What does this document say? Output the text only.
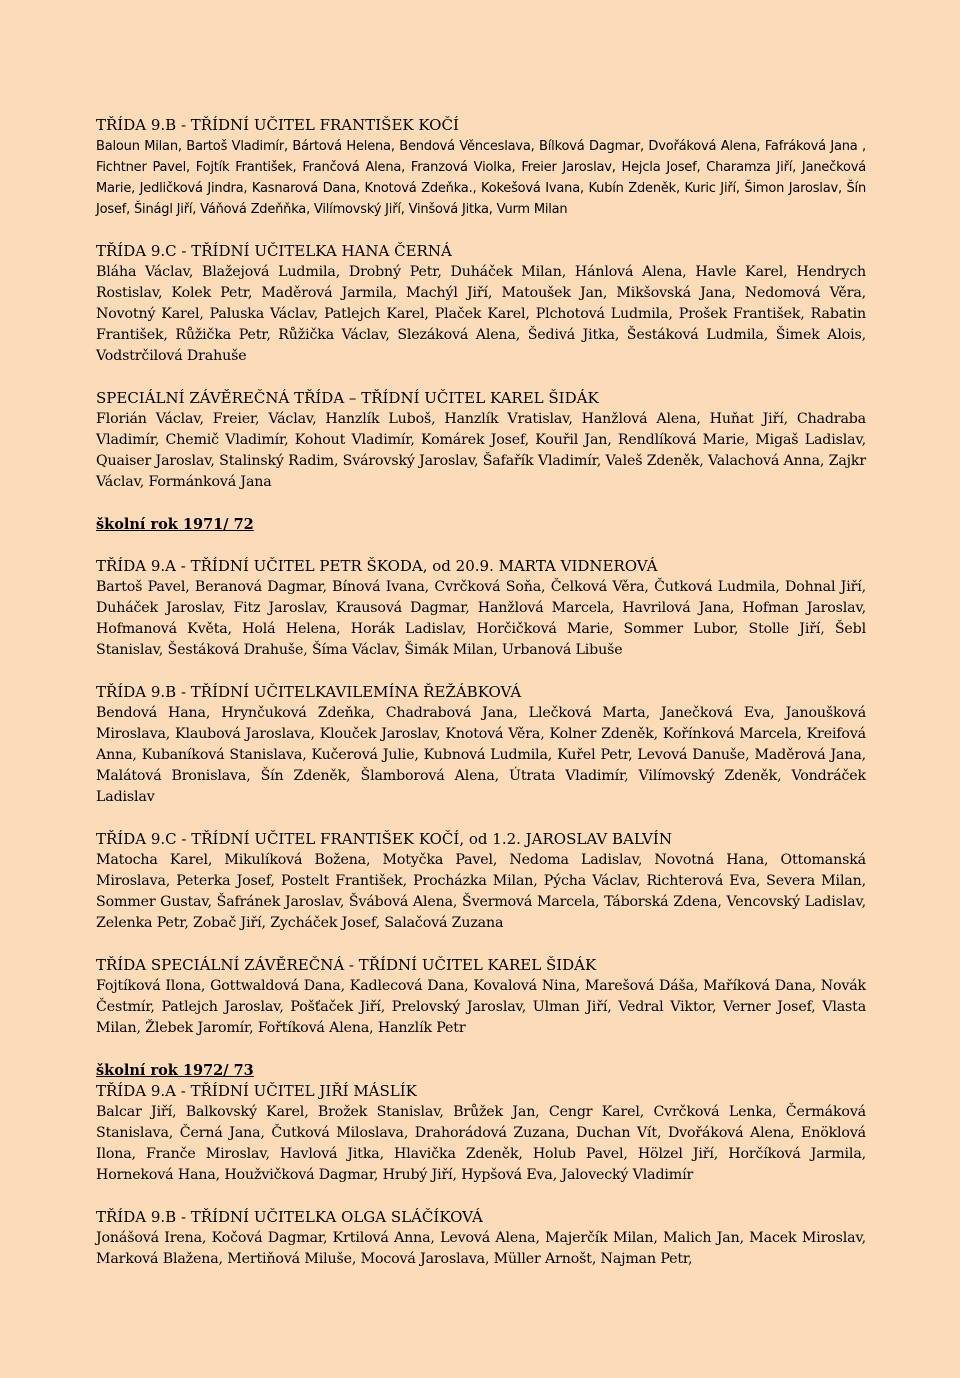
TŘÍDA 9.B - TŘÍDNÍ UČITEL FRANTIŠEK KOČÍ

Baloun Milan, Bartoš Vladimír, Bártová Helena, Bendová Věnceslava, Bílková Dagmar, Dvořáková Alena, Fafráková Jana , Fichtner Pavel, Fojtík František, Frančová Alena, Franzová Violka, Freier Jaroslav, Hejcla Josef, Charamza Jiří, Janečková Marie, Jedličková Jindra, Kasnarová Dana, Knotová Zdeňka., Kokešová Ivana, Kubín Zdeněk, Kuric Jiří, Šimon Jaroslav, Šín Josef, Šinágl Jiří, Váňová Zdeňňka, Vilímovský Jiří, Vinšová Jitka, Vurm Milan

TŘÍDA 9.C - TŘÍDNÍ UČITELKA HANA ČERNÁ

Bláha Václav, Blažejová Ludmila, Drobný Petr, Duháček Milan, Hánlová Alena, Havle Karel, Hendrych Rostislav, Kolek Petr, Maděrová Jarmila, Machýl Jiří, Matoušek Jan, Mikšovská Jana, Nedomová Věra, Novotný Karel, Paluska Václav, Patlejch Karel, Plaček Karel, Plchotová Ludmila, Prošek František, Rabatin František, Růžička Petr, Růžička Václav, Slezáková Alena, Šedivá Jitka, Šestáková Ludmila, Šimek Alois, Vodstrčilová Drahuše

SPECIÁLNÍ ZÁVĚREČNÁ TŘÍDA – TŘÍDNÍ UČITEL KAREL ŠIDÁK

Florián Václav, Freier, Václav, Hanzlík Luboš, Hanzlík Vratislav, Hanžlová Alena, Huňat Jiří, Chadraba Vladimír, Chemič Vladimír, Kohout Vladimír, Komárek Josef, Kouřil Jan, Rendlíková Marie, Migaš Ladislav, Quaiser Jaroslav, Stalinský Radim, Svárovský Jaroslav, Šafařík Vladimír, Valeš Zdeněk, Valachová Anna, Zajkr Václav, Formánková Jana

školní rok 1971/ 72

TŘÍDA 9.A - TŘÍDNÍ UČITEL PETR ŠKODA, od 20.9. MARTA VIDNEROVÁ

Bartoš Pavel, Beranová Dagmar, Bínová Ivana, Cvrčková Soňa, Čelková Věra, Čutková Ludmila, Dohnal Jiří, Duháček Jaroslav, Fitz Jaroslav, Krausová Dagmar, Hanžlová Marcela, Havrilová Jana, Hofman Jaroslav, Hofmanová Květa, Holá Helena, Horák Ladislav, Horčičková Marie, Sommer Lubor, Stolle Jiří, Šebl Stanislav, Šestáková Drahuše, Šíma Václav, Šimák Milan, Urbanová Libuše

TŘÍDA 9.B - TŘÍDNÍ UČITELKAVILEMÍNA ŘEŽÁBKOVÁ

Bendová Hana, Hrynčuková Zdeňka, Chadrabová Jana, Llečková Marta, Janečková Eva, Janoušková Miroslava, Klaubová Jaroslava, Klouček Jaroslav, Knotová Věra, Kolner Zdeněk, Kořínková Marcela, Kreifová Anna, Kubaníková Stanislava, Kučerová Julie, Kubnová Ludmila, Kuřel Petr, Levová Danuše, Maděrová Jana, Malátová Bronislava, Šín Zdeněk, Šlamborová Alena, Útrata Vladimír, Vilímovský Zdeněk, Vondráček Ladislav

TŘÍDA 9.C - TŘÍDNÍ UČITEL FRANTIŠEK KOČÍ, od 1.2. JAROSLAV BALVÍN

Matocha Karel, Mikulíková Božena, Motyčka Pavel, Nedoma Ladislav, Novotná Hana, Ottomanská Miroslava, Peterka Josef, Postelt František, Procházka Milan, Pýcha Václav, Richterová Eva, Severa Milan, Sommer Gustav, Šafránek Jaroslav, Švábová Alena, Švermová Marcela, Táborská Zdena, Vencovský Ladislav, Zelenka Petr, Zobač Jiří, Zycháček Josef, Salačová Zuzana

TŘÍDA SPECIÁLNÍ ZÁVĚREČNÁ - TŘÍDNÍ UČITEL KAREL ŠIDÁK

Fojtíková Ilona, Gottwaldová Dana, Kadlecová Dana, Kovalová Nina, Marešová Dáša, Maříková Dana, Novák Čestmír, Patlejch Jaroslav, Pošťaček Jiří, Prelovský Jaroslav, Ulman Jiří, Vedral Viktor, Verner Josef, Vlasta Milan, Žlebek Jaromír, Fořtíková Alena, Hanzlík Petr

školní rok 1972/ 73

TŘÍDA 9.A - TŘÍDNÍ UČITEL JIŘÍ MÁSLÍK

Balcar Jiří, Balkovský Karel, Brožek Stanislav, Brůžek Jan, Cengr Karel, Cvrčková Lenka, Čermáková Stanislava, Černá Jana, Čutková Miloslava, Drahorádová Zuzana, Duchan Vít, Dvořáková Alena, Enöklová Ilona, Franče Miroslav, Havlová Jitka, Hlavička Zdeněk, Holub Pavel, Hölzel Jiří, Horčíková Jarmila, Horneková Hana, Houžvičková Dagmar, Hrubý Jiří, Hypšová Eva, Jalovecký Vladimír

TŘÍDA 9.B - TŘÍDNÍ UČITELKA OLGA SLÁČÍKOVÁ

Jonášová Irena, Kočová Dagmar, Krtilová Anna, Levová Alena, Majerčík Milan, Malich Jan, Macek Miroslav, Marková Blažena, Mertiňová Miluše, Mocová Jaroslava, Müller Arnošt, Najman Petr,
